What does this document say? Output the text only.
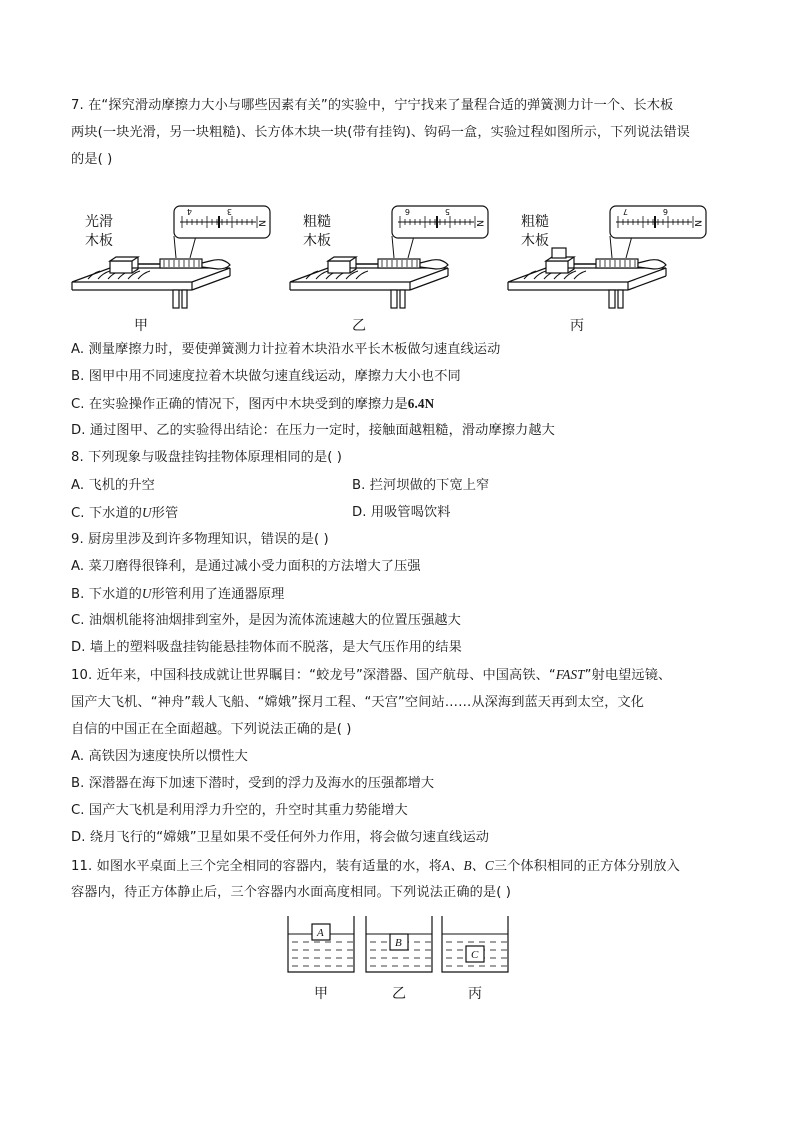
7. 在“探究滑动摩擦力大小与哪些因素有关”的实验中，宁宁找来了量程合适的弹簧测力计一个、长木板
两块(一块光滑，另一块粗糙)、长方体木块一块(带有挂钩)、钩码一盒，实验过程如图所示，下列说法错误
的是( )
光滑
木板
4	3
N
甲
粗糙
木板
6	5
N
乙
粗糙
木板
7	6
N
丙
A. 测量摩擦力时，要使弹簧测力计拉着木块沿水平长木板做匀速直线运动
B. 图甲中用不同速度拉着木块做匀速直线运动，摩擦力大小也不同
C. 在实验操作正确的情况下，图丙中木块受到的摩擦力是6.4N
D. 通过图甲、乙的实验得出结论：在压力一定时，接触面越粗糙，滑动摩擦力越大
8. 下列现象与吸盘挂钩挂物体原理相同的是( )
A. 飞机的升空	B. 拦河坝做的下宽上窄
C. 下水道的U形管	D. 用吸管喝饮料
9. 厨房里涉及到许多物理知识，错误的是( )
A. 菜刀磨得很锋利，是通过减小受力面积的方法增大了压强
B. 下水道的U形管利用了连通器原理
C. 油烟机能将油烟排到室外，是因为流体流速越大的位置压强越大
D. 墙上的塑料吸盘挂钩能悬挂物体而不脱落，是大气压作用的结果
10. 近年来，中国科技成就让世界瞩目：“蛟龙号”深潜器、国产航母、中国高铁、“FAST”射电望远镜、
国产大飞机、“神舟”载人飞船、“嫦娥”探月工程、“天宫”空间站……从深海到蓝天再到太空，文化
自信的中国正在全面超越。下列说法正确的是( )
A. 高铁因为速度快所以惯性大
B. 深潜器在海下加速下潜时，受到的浮力及海水的压强都增大
C. 国产大飞机是利用浮力升空的，升空时其重力势能增大
D. 绕月飞行的“嫦娥”卫星如果不受任何外力作用，将会做匀速直线运动
11. 如图水平桌面上三个完全相同的容器内，装有适量的水，将A、B、C三个体积相同的正方体分别放入
容器内，待正方体静止后，三个容器内水面高度相同。下列说法正确的是( )
A
甲
B
乙
C
丙
